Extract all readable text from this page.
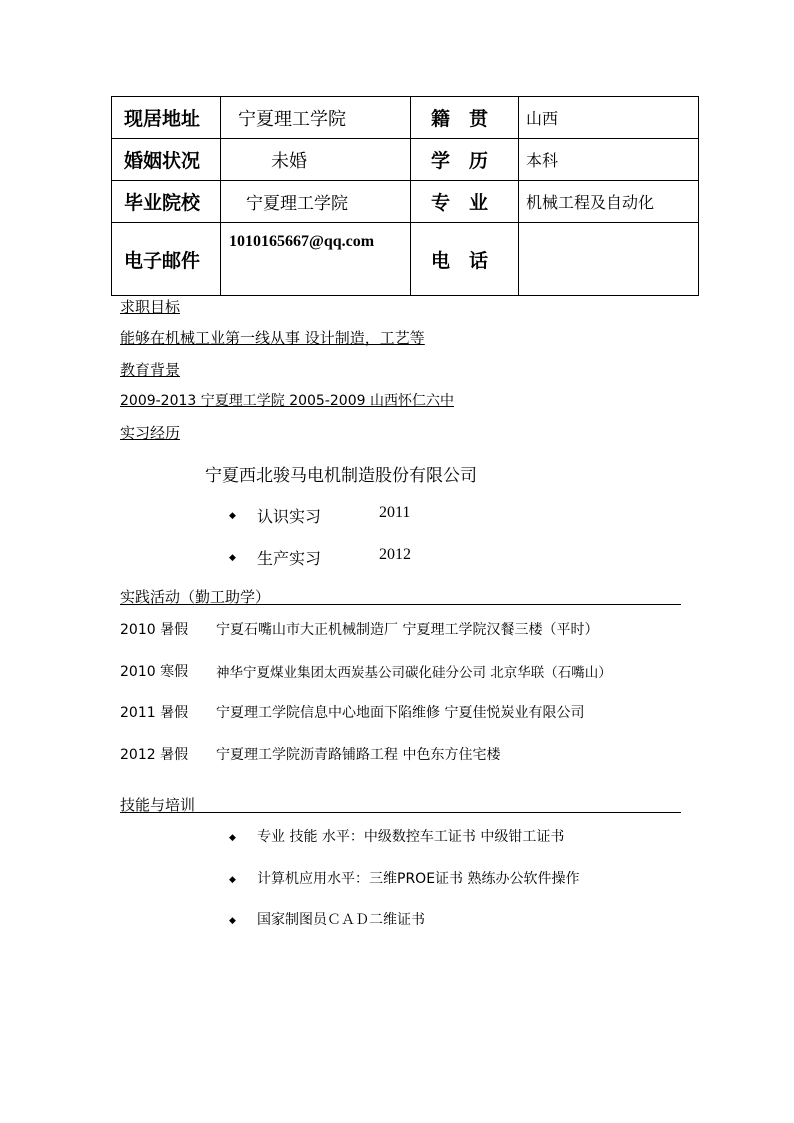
现居地址	宁夏理工学院	籍　贯	山西
婚姻状况	未婚	学　历	本科
毕业院校	宁夏理工学院	专　业	机械工程及自动化
电子邮件	1010165667@qq.com	电　话	
求职目标
能够在机械工业第一线从事 设计制造，工艺等
教育背景
2009-2013 宁夏理工学院 2005-2009 山西怀仁六中
实习经历
宁夏西北骏马电机制造股份有限公司
◆ 认识实习	2011
◆ 生产实习	2012
实践活动（勤工助学）
2010 暑假 宁夏石嘴山市大正机械制造厂 宁夏理工学院汉餐三楼（平时）
2010 寒假 神华宁夏煤业集团太西炭基公司碳化硅分公司 北京华联（石嘴山）
2011 暑假 宁夏理工学院信息中心地面下陷维修 宁夏佳悦炭业有限公司
2012 暑假 宁夏理工学院沥青路铺路工程 中色东方住宅楼
技能与培训
◆ 专业 技能 水平：中级数控车工证书 中级钳工证书
◆ 计算机应用水平：三维PROE证书 熟练办公软件操作
◆ 国家制图员ＣＡＤ二维证书
